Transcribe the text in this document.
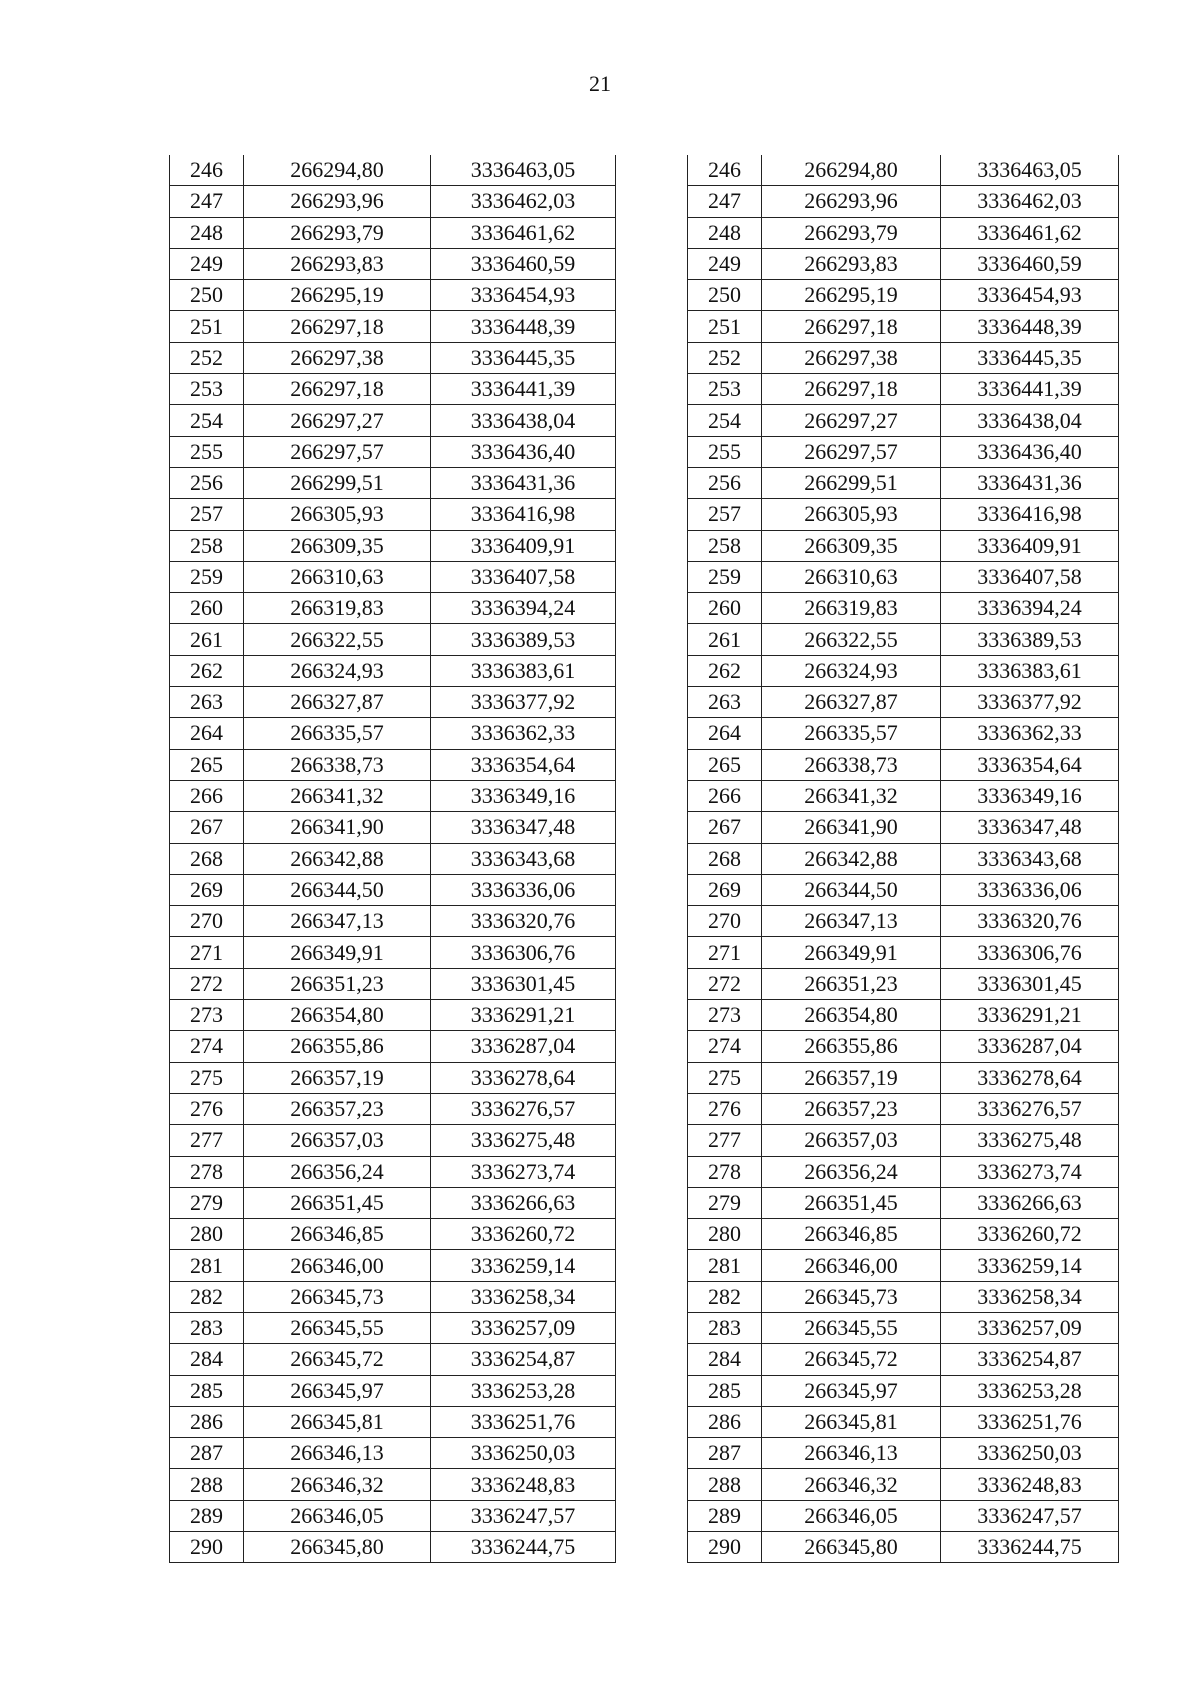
21
246	266294,80	3336463,05
247	266293,96	3336462,03
248	266293,79	3336461,62
249	266293,83	3336460,59
250	266295,19	3336454,93
251	266297,18	3336448,39
252	266297,38	3336445,35
253	266297,18	3336441,39
254	266297,27	3336438,04
255	266297,57	3336436,40
256	266299,51	3336431,36
257	266305,93	3336416,98
258	266309,35	3336409,91
259	266310,63	3336407,58
260	266319,83	3336394,24
261	266322,55	3336389,53
262	266324,93	3336383,61
263	266327,87	3336377,92
264	266335,57	3336362,33
265	266338,73	3336354,64
266	266341,32	3336349,16
267	266341,90	3336347,48
268	266342,88	3336343,68
269	266344,50	3336336,06
270	266347,13	3336320,76
271	266349,91	3336306,76
272	266351,23	3336301,45
273	266354,80	3336291,21
274	266355,86	3336287,04
275	266357,19	3336278,64
276	266357,23	3336276,57
277	266357,03	3336275,48
278	266356,24	3336273,74
279	266351,45	3336266,63
280	266346,85	3336260,72
281	266346,00	3336259,14
282	266345,73	3336258,34
283	266345,55	3336257,09
284	266345,72	3336254,87
285	266345,97	3336253,28
286	266345,81	3336251,76
287	266346,13	3336250,03
288	266346,32	3336248,83
289	266346,05	3336247,57
290	266345,80	3336244,75
246	266294,80	3336463,05
247	266293,96	3336462,03
248	266293,79	3336461,62
249	266293,83	3336460,59
250	266295,19	3336454,93
251	266297,18	3336448,39
252	266297,38	3336445,35
253	266297,18	3336441,39
254	266297,27	3336438,04
255	266297,57	3336436,40
256	266299,51	3336431,36
257	266305,93	3336416,98
258	266309,35	3336409,91
259	266310,63	3336407,58
260	266319,83	3336394,24
261	266322,55	3336389,53
262	266324,93	3336383,61
263	266327,87	3336377,92
264	266335,57	3336362,33
265	266338,73	3336354,64
266	266341,32	3336349,16
267	266341,90	3336347,48
268	266342,88	3336343,68
269	266344,50	3336336,06
270	266347,13	3336320,76
271	266349,91	3336306,76
272	266351,23	3336301,45
273	266354,80	3336291,21
274	266355,86	3336287,04
275	266357,19	3336278,64
276	266357,23	3336276,57
277	266357,03	3336275,48
278	266356,24	3336273,74
279	266351,45	3336266,63
280	266346,85	3336260,72
281	266346,00	3336259,14
282	266345,73	3336258,34
283	266345,55	3336257,09
284	266345,72	3336254,87
285	266345,97	3336253,28
286	266345,81	3336251,76
287	266346,13	3336250,03
288	266346,32	3336248,83
289	266346,05	3336247,57
290	266345,80	3336244,75
